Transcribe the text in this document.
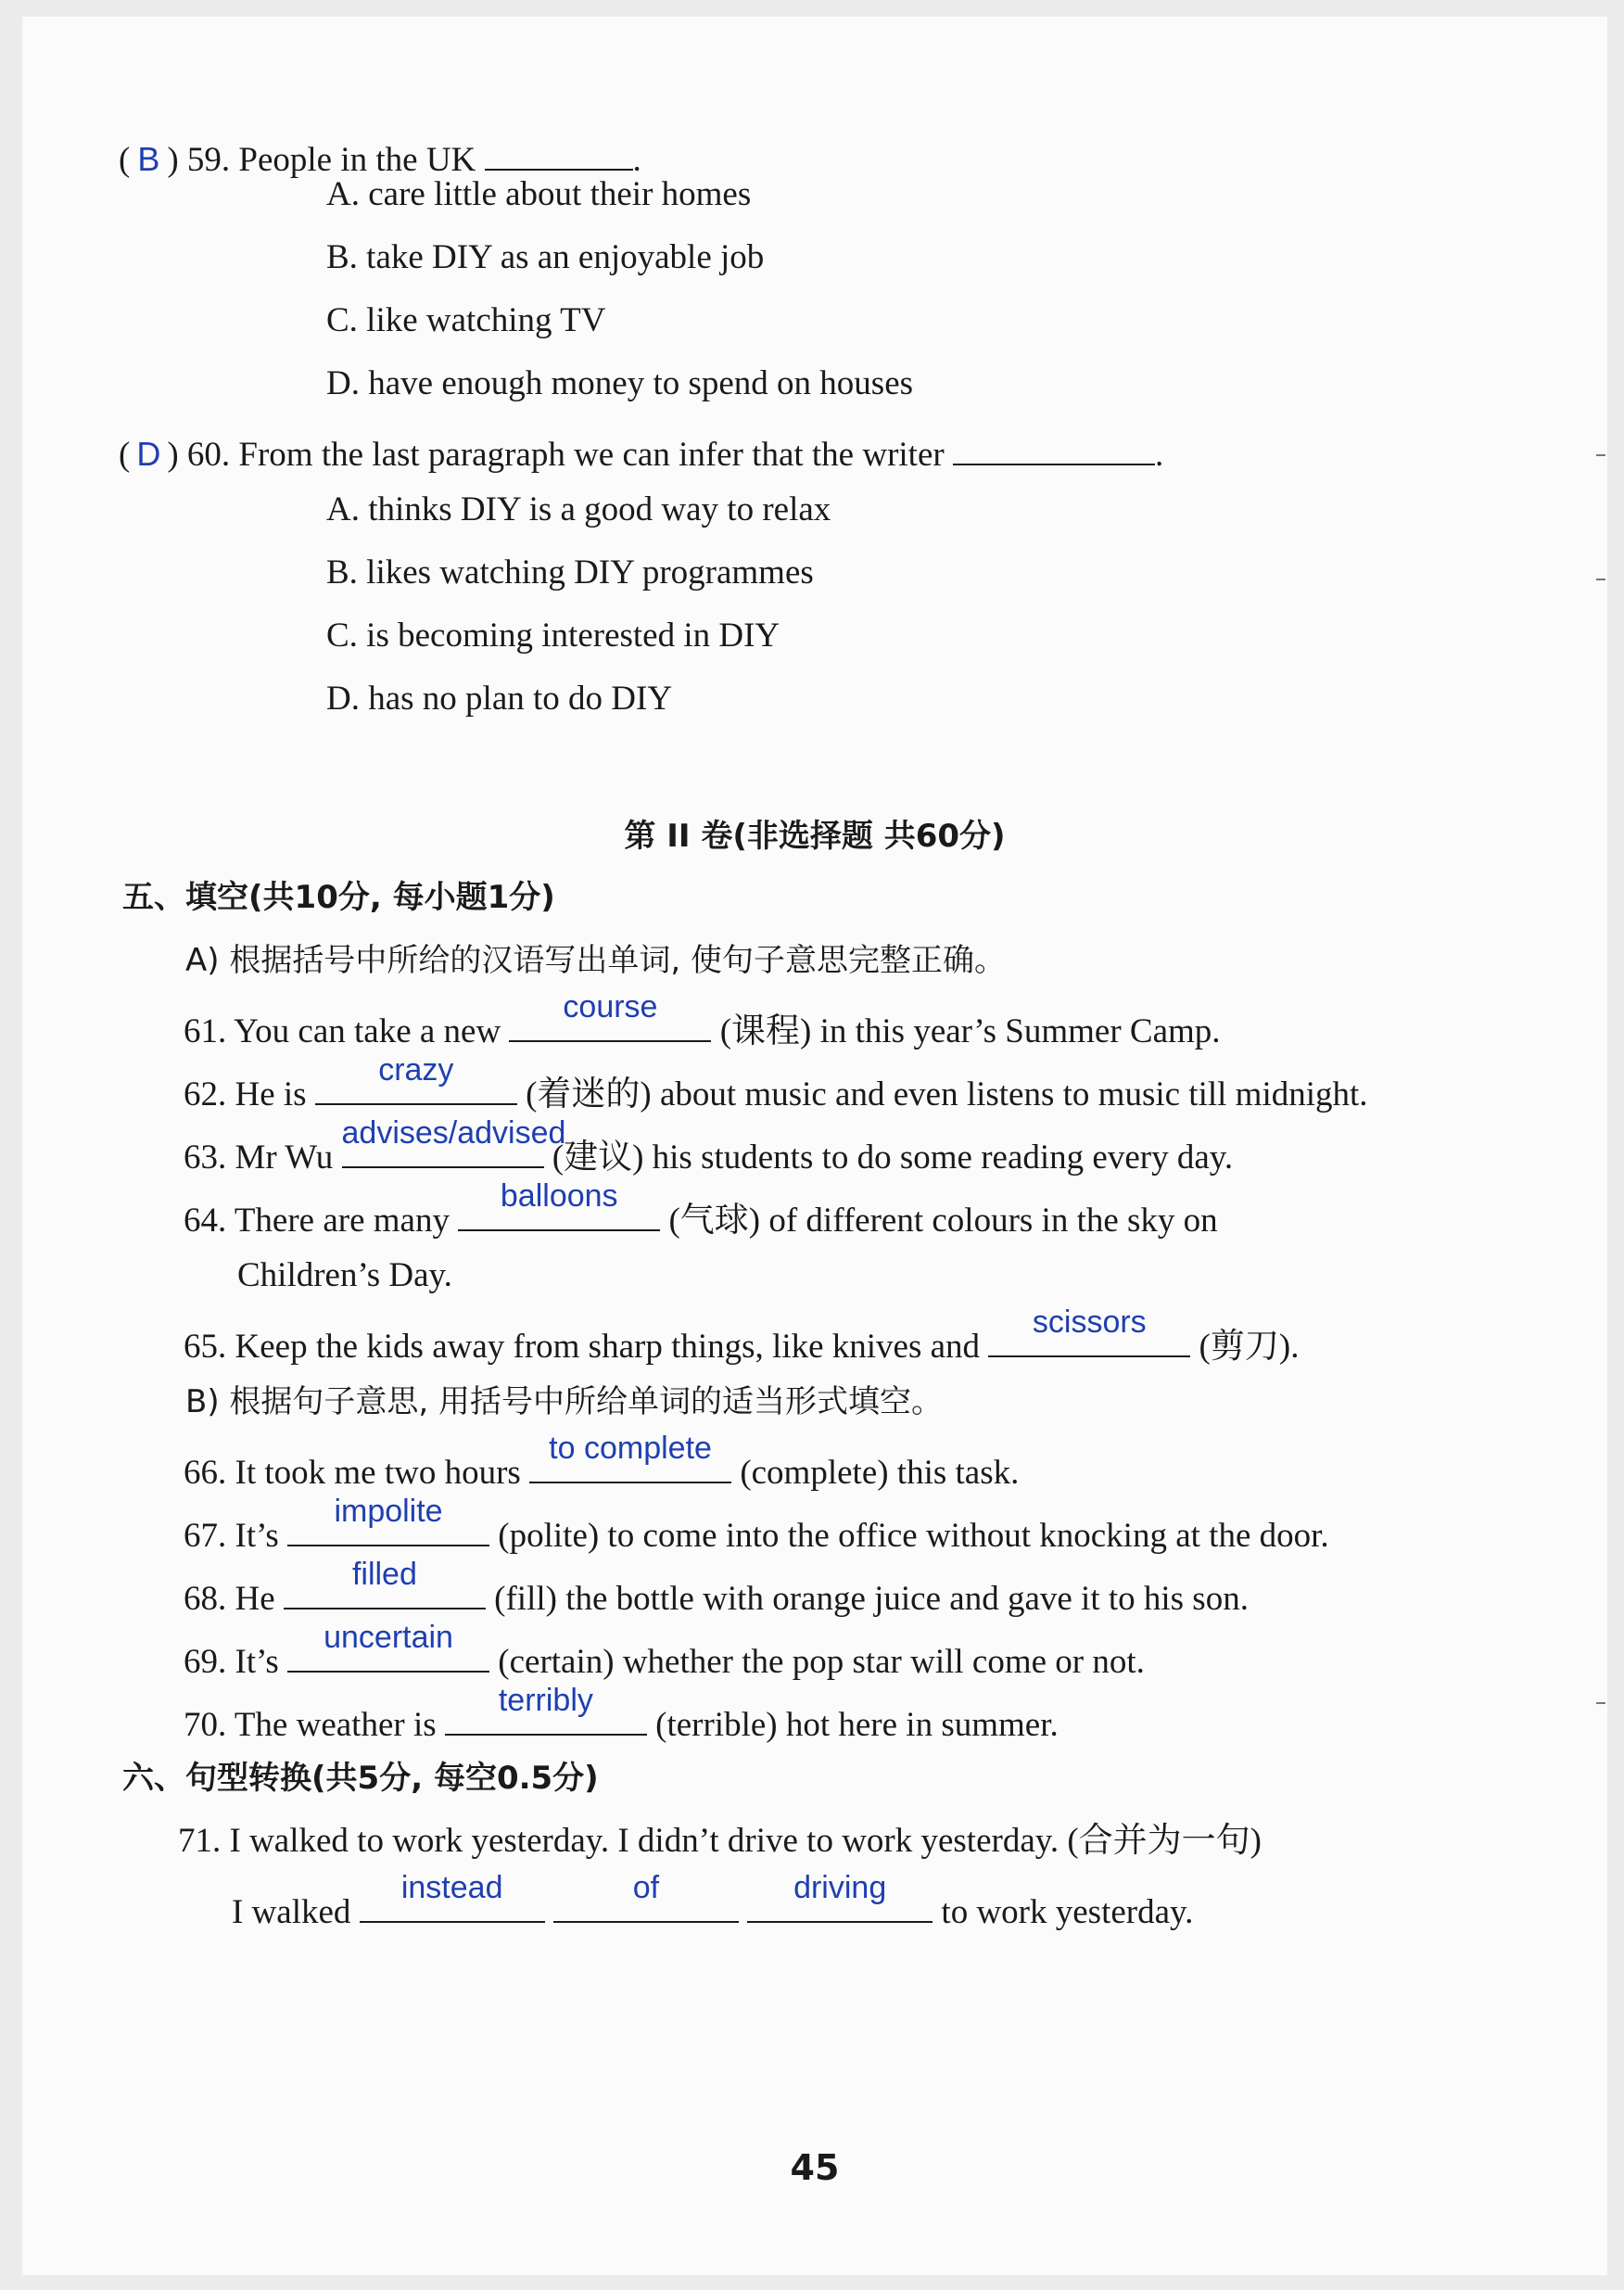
( B ) 59. People in the UK	.
A. care little about their homes
B. take DIY as an enjoyable job
C. like watching TV
D. have enough money to spend on houses
( D ) 60. From the last paragraph we can infer that the writer	.
A. thinks DIY is a good way to relax
B. likes watching DIY programmes
C. is becoming interested in DIY
D. has no plan to do DIY
第 II 卷(非选择题 共60分)
五、填空(共10分, 每小题1分)
A) 根据括号中所给的汉语写出单词, 使句子意思完整正确。
61. You can take a new
course
(课程) in this year’s Summer Camp.
62. He is
crazy
(着迷的) about music and even listens to music till midnight.
63. Mr Wu
advises/advised
(建议) his students to do some reading every day.
64. There are many
balloons
(气球) of different colours in the sky on
Children’s Day.
65. Keep the kids away from sharp things, like knives and
scissors
(剪刀).
B) 根据句子意思, 用括号中所给单词的适当形式填空。
66. It took me two hours
to complete
(complete) this task.
67. It’s
impolite
(polite) to come into the office without knocking at the door.
68. He
filled
(fill) the bottle with orange juice and gave it to his son.
69. It’s
uncertain
(certain) whether the pop star will come or not.
70. The weather is
terribly
(terrible) hot here in summer.
六、句型转换(共5分, 每空0.5分)
71. I walked to work yesterday. I didn’t drive to work yesterday. (合并为一句)
I walked
instead
	of
	driving
to work yesterday.
45
